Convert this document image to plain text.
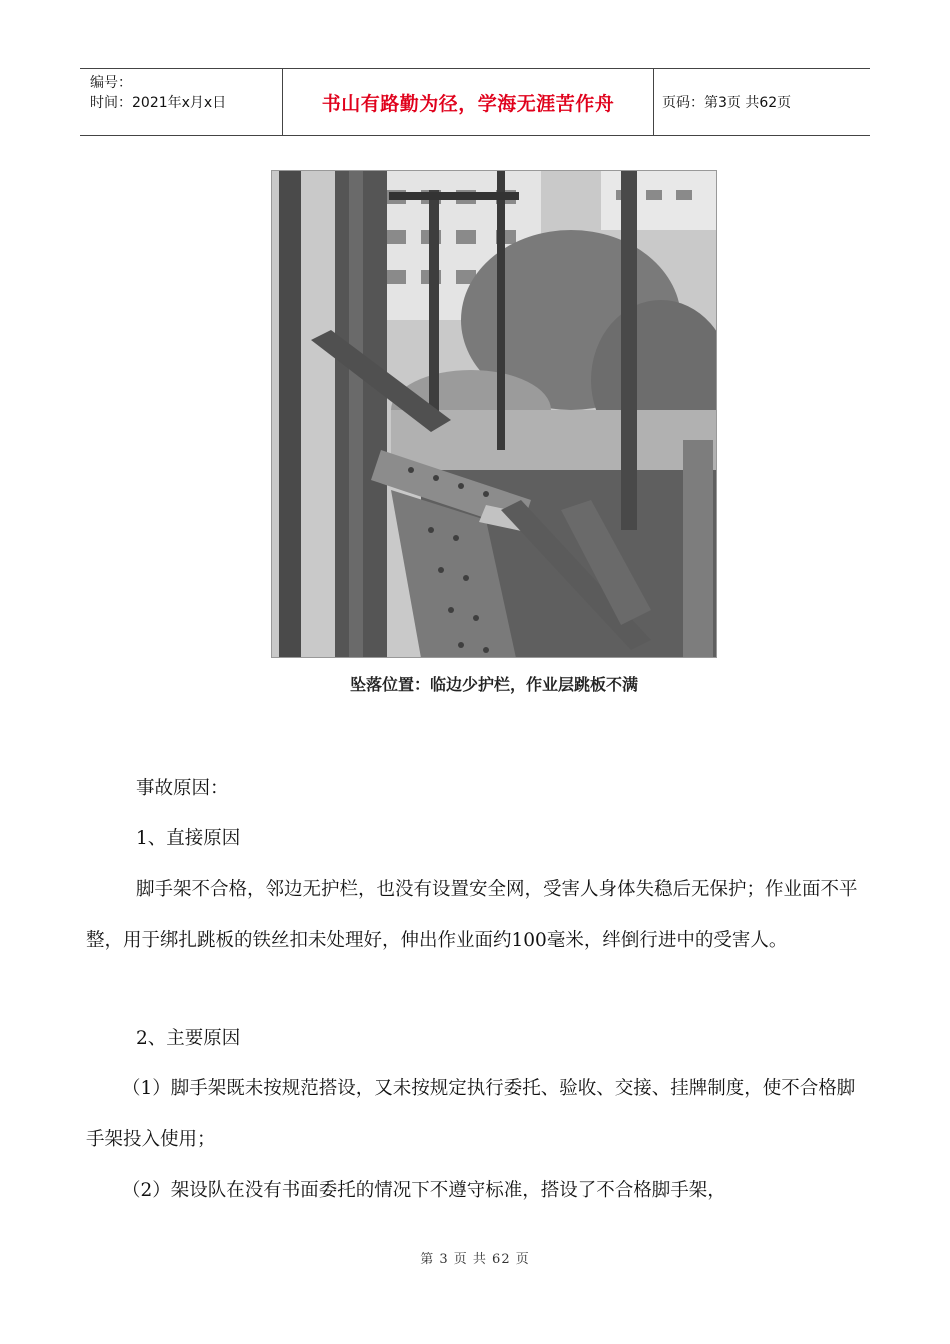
编号：
时间：2021年x月x日	书山有路勤为径，学海无涯苦作舟	页码：第3页 共62页
坠落位置：临边少护栏，作业层跳板不满

事故原因：

1、直接原因

脚手架不合格，邻边无护栏，也没有设置安全网，受害人身体失稳后无保护；作业面不平整，用于绑扎跳板的铁丝扣未处理好，伸出作业面约100毫米，绊倒行进中的受害人。

2、主要原因

（1）脚手架既未按规范搭设，又未按规定执行委托、验收、交接、挂牌制度，使不合格脚手架投入使用；

（2）架设队在没有书面委托的情况下不遵守标准，搭设了不合格脚手架，

第 3 页 共 62 页
